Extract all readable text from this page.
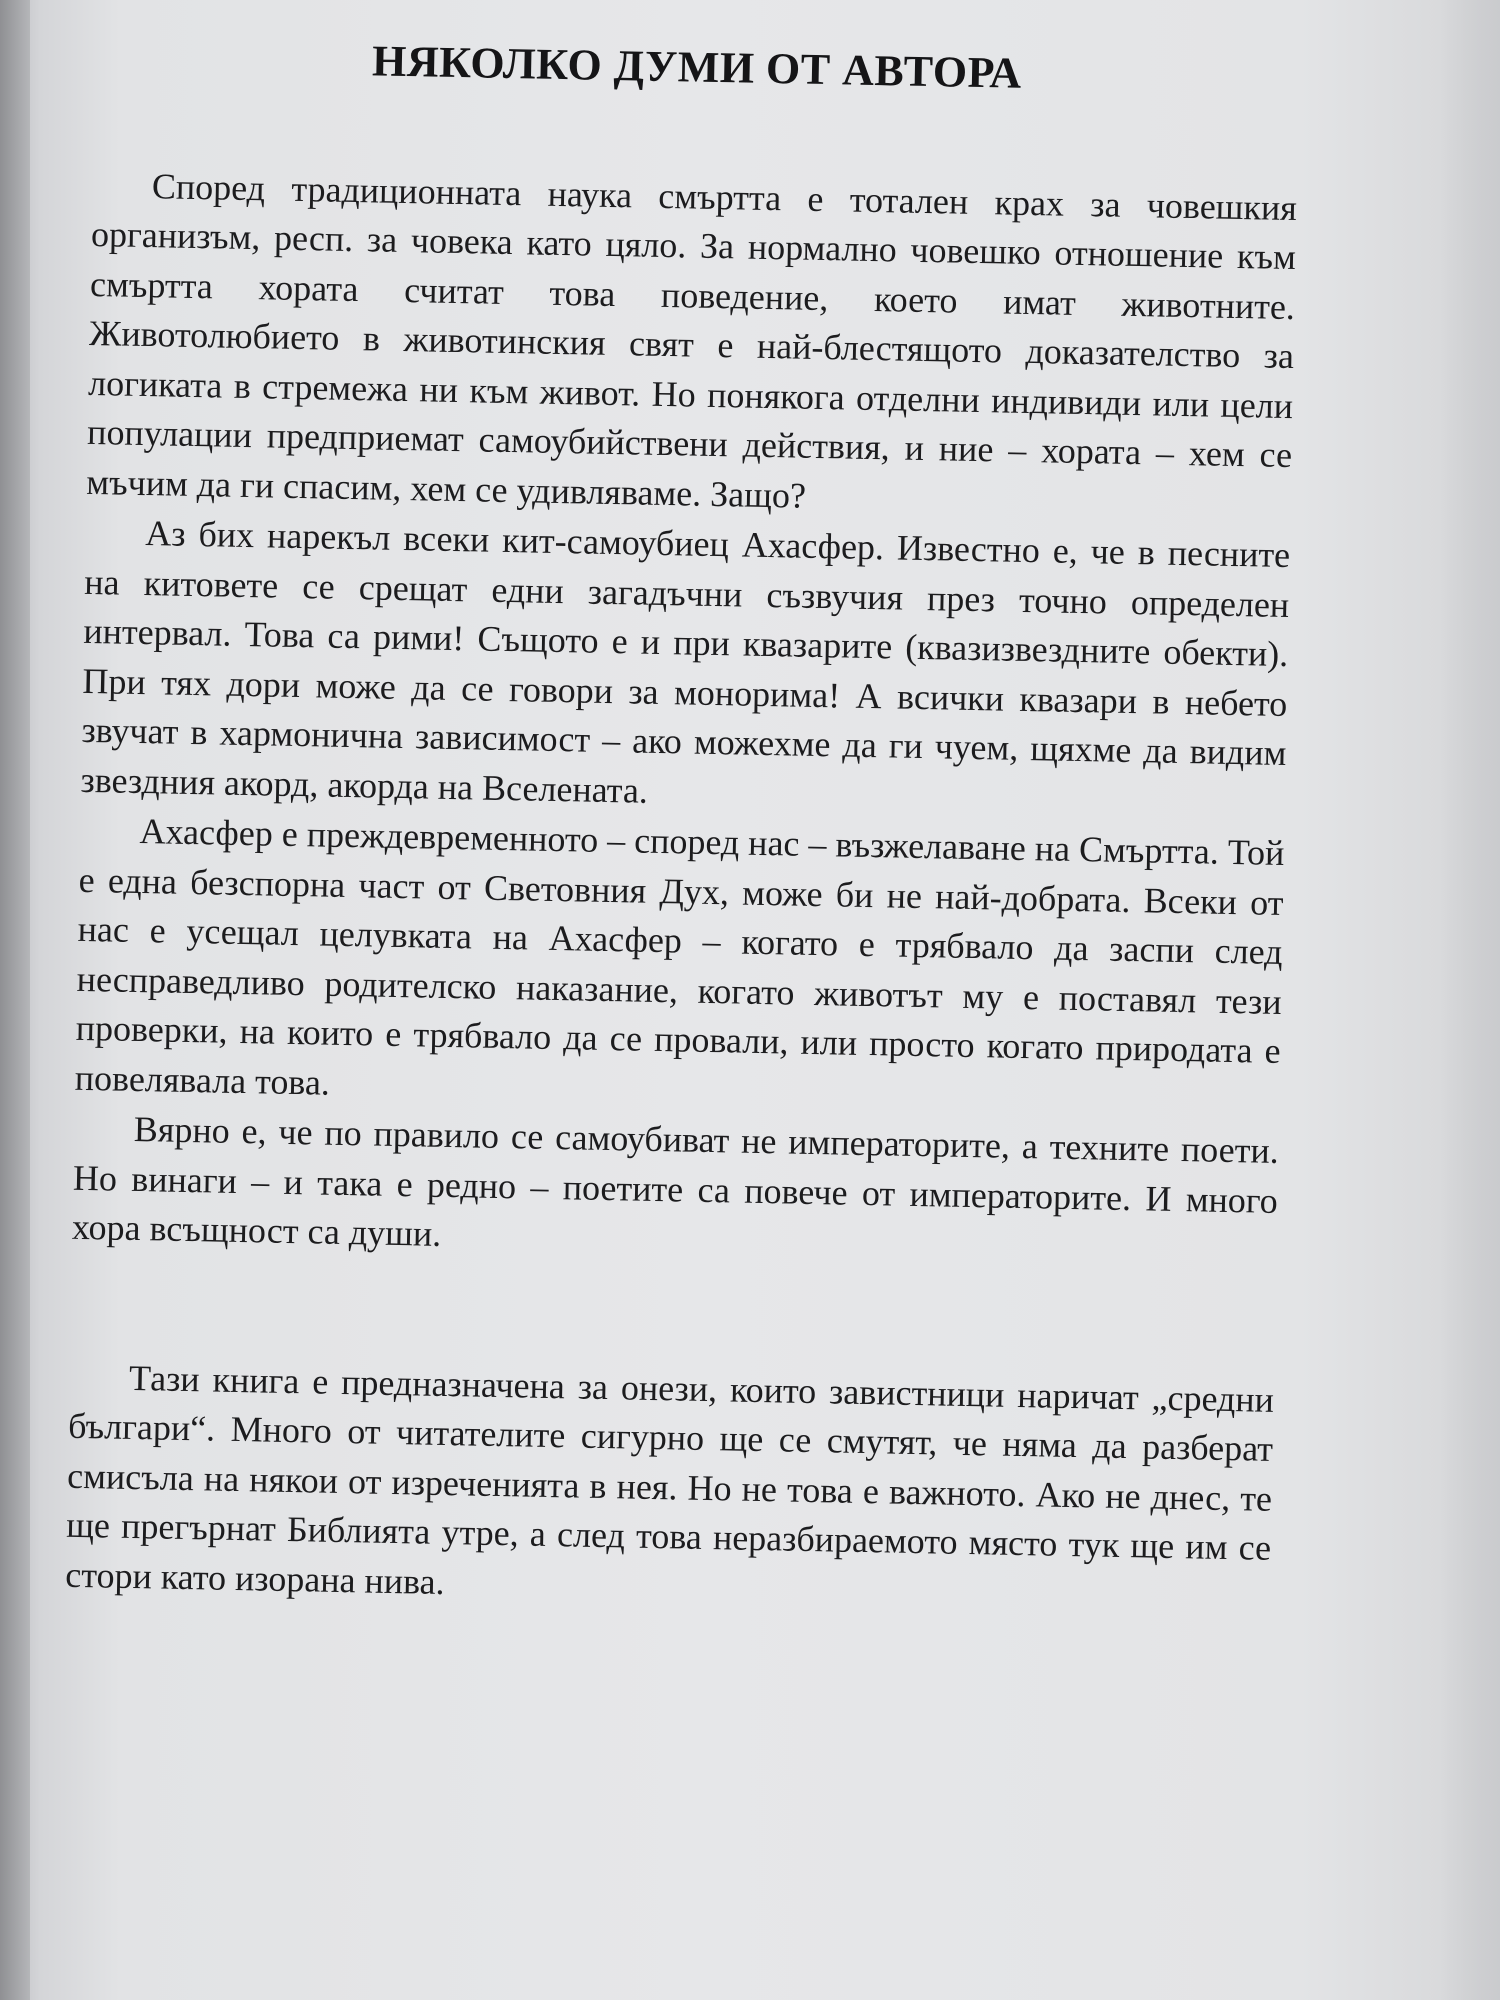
НЯКОЛКО ДУМИ ОТ АВТОРА

Според традиционната наука смъртта е тотален крах за човешкия организъм, респ. за човека като цяло. За нормално човешко отношение към смъртта хората считат това поведение, което имат животните. Животолюбието в животинския свят е най-блестящото доказателство за логиката в стремежа ни към живот. Но понякога отделни индивиди или цели популации предприемат самоубийствени действия, и ние – хората – хем се мъчим да ги спасим, хем се удивляваме. Защо?

Аз бих нарекъл всеки кит-самоубиец Ахасфер. Известно е, че в песните на китовете се срещат едни загадъчни съзвучия през точно определен интервал. Това са рими! Същото е и при квазарите (квазизвездните обекти). При тях дори може да се говори за моноримa! А всички квазари в небето звучат в хармонична зависимост – ако можехме да ги чуем, щяхме да видим звездния акорд, акорда на Вселената.

Ахасфер е преждевременното – според нас – възжелаване на Смъртта. Той е една безспорна част от Световния Дух, може би не най-добрата. Всеки от нас е усещал целувката на Ахасфер – когато е трябвало да заспи след несправедливо родителско наказание, когато животът му е поставял тези проверки, на които е трябвало да се провали, или просто когато природата е повелявала това.

Вярно е, че по правило се самоубиват не императорите, а техните поети. Но винаги – и така е редно – поетите са повече от императорите. И много хора всъщност са души.

Тази книга е предназначена за онези, които завистници наричат „средни българи“. Много от читателите сигурно ще се смутят, че няма да разберат смисъла на някои от изреченията в нея. Но не това е важното. Ако не днес, те ще прегърнат Библията утре, а след това неразбираемото място тук ще им се стори като изорана нива.
